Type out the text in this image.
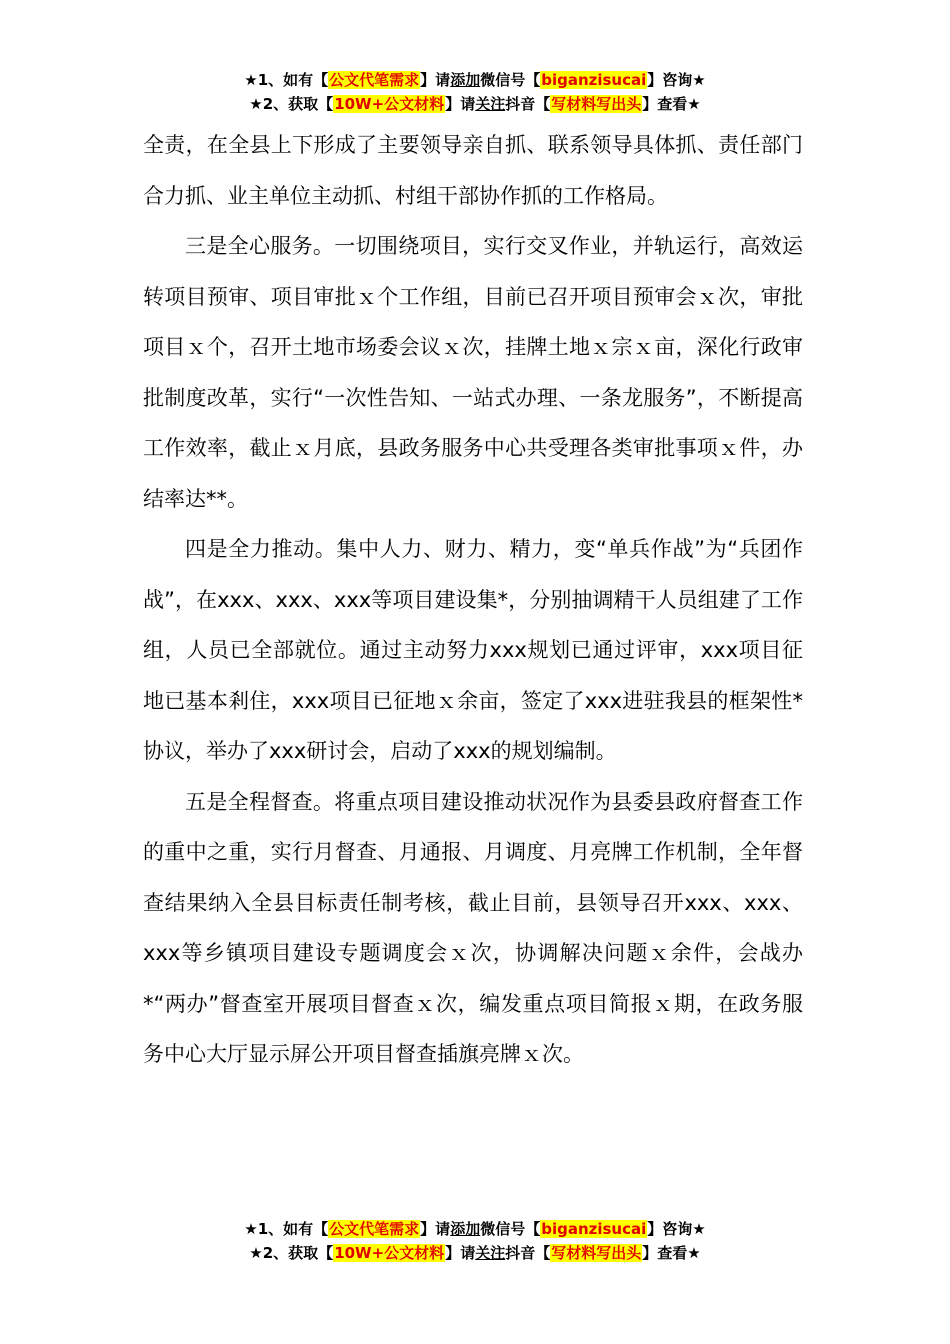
★1、如有【公文代笔需求】请添加微信号【biganzisucai】咨询★
★2、获取【10W+公文材料】请关注抖音【写材料写出头】查看★

全责，在全县上下形成了主要领导亲自抓、联系领导具体抓、责任部门合力抓、业主单位主动抓、村组干部协作抓的工作格局。

三是全心服务。一切围绕项目，实行交叉作业，并轨运行，高效运转项目预审、项目审批ｘ个工作组，目前已召开项目预审会ｘ次，审批项目ｘ个，召开土地市场委会议ｘ次，挂牌土地ｘ宗ｘ亩，深化行政审批制度改革，实行“一次性告知、一站式办理、一条龙服务”，不断提高工作效率，截止ｘ月底，县政务服务中心共受理各类审批事项ｘ件，办结率达**。

四是全力推动。集中人力、财力、精力，变“单兵作战”为“兵团作战”，在xxx、xxx、xxx等项目建设集*，分别抽调精干人员组建了工作组，人员已全部就位。通过主动努力xxx规划已通过评审，xxx项目征地已基本剎住，xxx项目已征地ｘ余亩，签定了xxx进驻我县的框架性*协议，举办了xxx研讨会，启动了xxx的规划编制。

五是全程督查。将重点项目建设推动状况作为县委县政府督查工作的重中之重，实行月督查、月通报、月调度、月亮牌工作机制，全年督查结果纳入全县目标责任制考核，截止目前，县领导召开xxx、xxx、xxx等乡镇项目建设专题调度会ｘ次，协调解决问题ｘ余件，会战办*“两办”督查室开展项目督查ｘ次，编发重点项目简报ｘ期，在政务服务中心大厅显示屏公开项目督查插旗亮牌ｘ次。

★1、如有【公文代笔需求】请添加微信号【biganzisucai】咨询★
★2、获取【10W+公文材料】请关注抖音【写材料写出头】查看★
